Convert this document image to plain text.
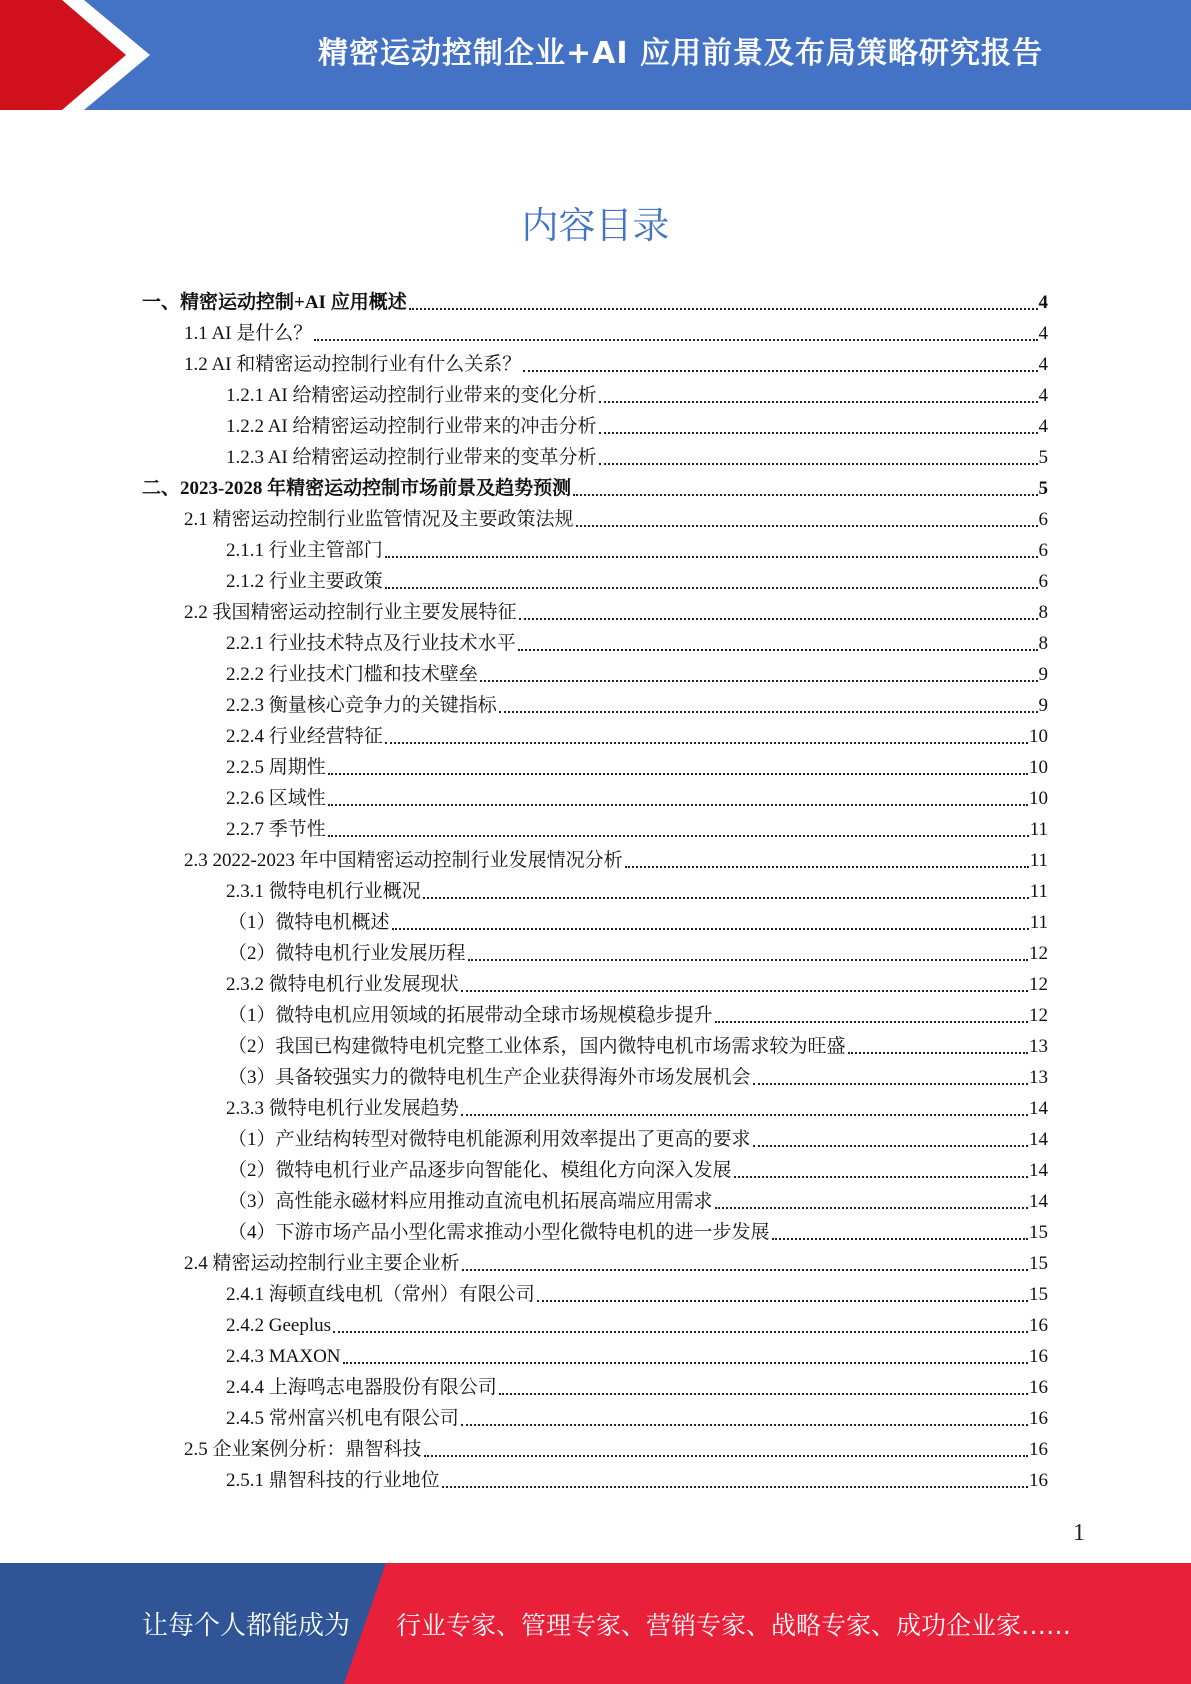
精密运动控制企业+AI 应用前景及布局策略研究报告
内容目录
一、精密运动控制+AI 应用概述	4
1.1 AI 是什么？	4
1.2 AI 和精密运动控制行业有什么关系？	4
1.2.1 AI 给精密运动控制行业带来的变化分析	4
1.2.2 AI 给精密运动控制行业带来的冲击分析	4
1.2.3 AI 给精密运动控制行业带来的变革分析	5
二、2023-2028 年精密运动控制市场前景及趋势预测	5
2.1 精密运动控制行业监管情况及主要政策法规	6
2.1.1 行业主管部门	6
2.1.2 行业主要政策	6
2.2 我国精密运动控制行业主要发展特征	8
2.2.1 行业技术特点及行业技术水平	8
2.2.2 行业技术门槛和技术壁垒	9
2.2.3 衡量核心竞争力的关键指标	9
2.2.4 行业经营特征	10
2.2.5 周期性	10
2.2.6 区域性	10
2.2.7 季节性	11
2.3 2022-2023 年中国精密运动控制行业发展情况分析	11
2.3.1 微特电机行业概况	11
（1）微特电机概述	11
（2）微特电机行业发展历程	12
2.3.2 微特电机行业发展现状	12
（1）微特电机应用领域的拓展带动全球市场规模稳步提升	12
（2）我国已构建微特电机完整工业体系，国内微特电机市场需求较为旺盛	13
（3）具备较强实力的微特电机生产企业获得海外市场发展机会	13
2.3.3 微特电机行业发展趋势	14
（1）产业结构转型对微特电机能源利用效率提出了更高的要求	14
（2）微特电机行业产品逐步向智能化、模组化方向深入发展	14
（3）高性能永磁材料应用推动直流电机拓展高端应用需求	14
（4）下游市场产品小型化需求推动小型化微特电机的进一步发展	15
2.4 精密运动控制行业主要企业析	15
2.4.1 海顿直线电机（常州）有限公司	15
2.4.2 Geeplus	16
2.4.3 MAXON	16
2.4.4 上海鸣志电器股份有限公司	16
2.4.5 常州富兴机电有限公司	16
2.5 企业案例分析：鼎智科技	16
2.5.1 鼎智科技的行业地位	16
1
让每个人都能成为 行业专家、管理专家、营销专家、战略专家、成功企业家……
